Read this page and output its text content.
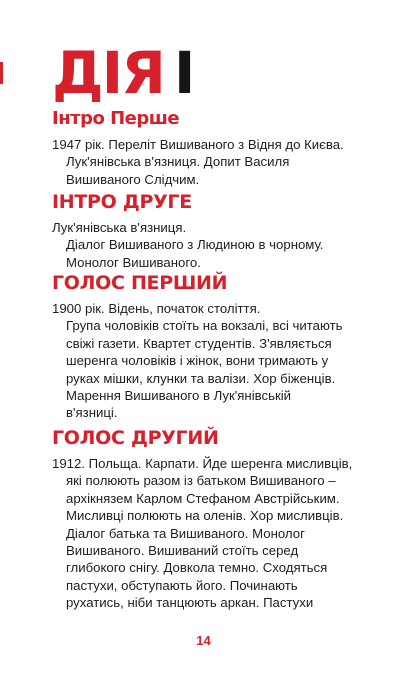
ДІЯ I
Інтро Перше
1947 рік. Переліт Вишиваного з Відня до Києва.
Лук'янівська в'язниця. Допит Василя
Вишиваного Слідчим.
ІНТРО ДРУГЕ
Лук'янівська в'язниця.
Діалог Вишиваного з Людиною в чорному.
Монолог Вишиваного.
ГОЛОС ПЕРШИЙ
1900 рік. Відень, початок століття.
Група чоловіків стоїть на вокзалі, всі читають
свіжі газети. Квартет студентів. З'являється
шеренга чоловіків і жінок, вони тримають у
руках мішки, клунки та валізи. Хор біженців.
Марення Вишиваного в Лук'янівській
в'язниці.
ГОЛОС ДРУГИЙ
1912. Польща. Карпати. Йде шеренга мисливців,
які полюють разом із батьком Вишиваного –
архікнязем Карлом Стефаном Австрійським.
Мисливці полюють на оленів. Хор мисливців.
Діалог батька та Вишиваного. Монолог
Вишиваного. Вишиваний стоїть серед
глибокого снігу. Довкола темно. Сходяться
пастухи, обступають його. Починають
рухатись, ніби танцюють аркан. Пастухи
14
